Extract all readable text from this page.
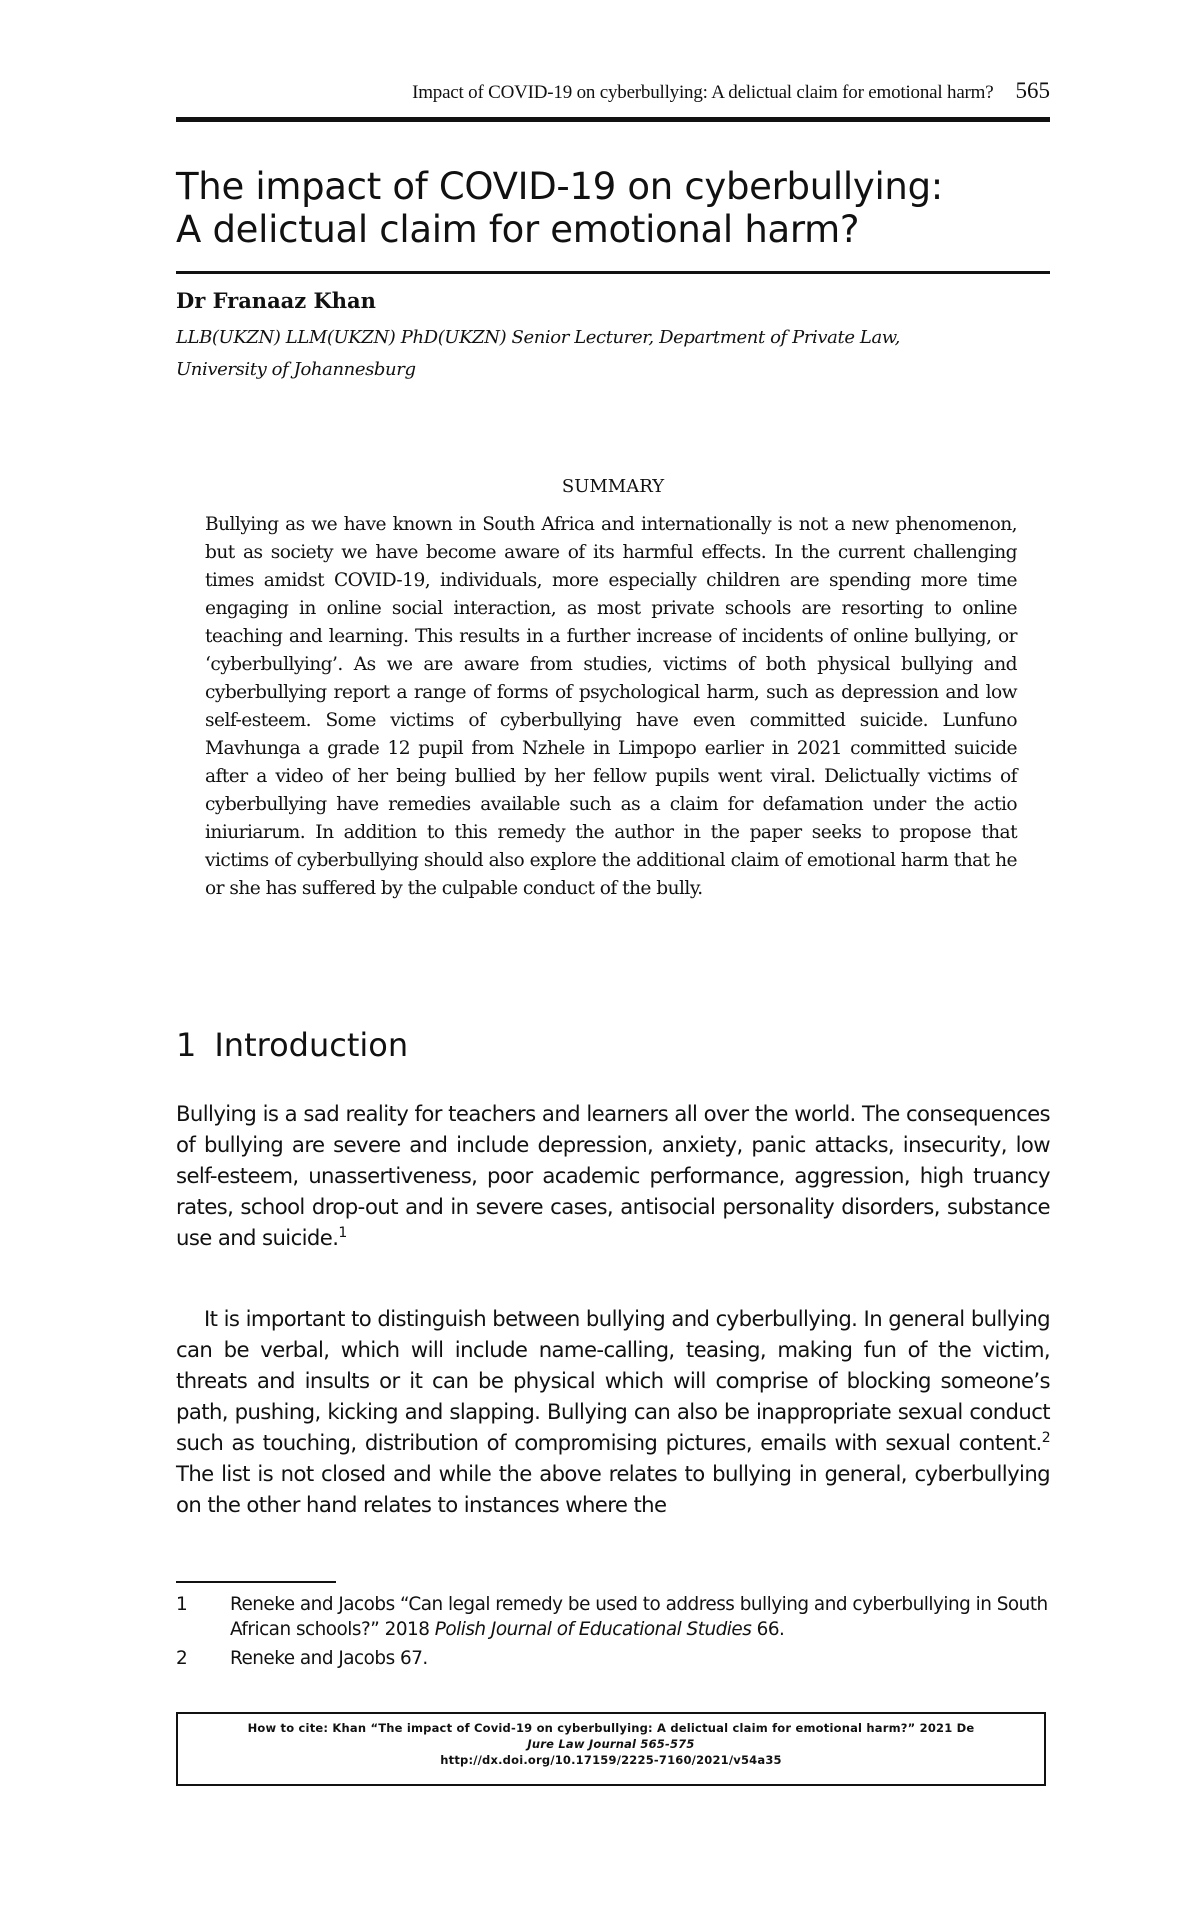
Impact of COVID-19 on cyberbullying: A delictual claim for emotional harm? 565
The impact of COVID-19 on cyberbullying:
A delictual claim for emotional harm?
Dr Franaaz Khan
LLB(UKZN) LLM(UKZN) PhD(UKZN) Senior Lecturer, Department of Private Law,
University of Johannesburg
SUMMARY

Bullying as we have known in South Africa and internationally is not a new phenomenon, but as society we have become aware of its harmful effects. In the current challenging times amidst COVID-19, individuals, more especially children are spending more time engaging in online social interaction, as most private schools are resorting to online teaching and learning. This results in a further increase of incidents of online bullying, or ‘cyberbullying’. As we are aware from studies, victims of both physical bullying and cyberbullying report a range of forms of psychological harm, such as depression and low self-esteem. Some victims of cyberbullying have even committed suicide. Lunfuno Mavhunga a grade 12 pupil from Nzhele in Limpopo earlier in 2021 committed suicide after a video of her being bullied by her fellow pupils went viral. Delictually victims of cyberbullying have remedies available such as a claim for defamation under the actio iniuriarum. In addition to this remedy the author in the paper seeks to propose that victims of cyberbullying should also explore the additional claim of emotional harm that he or she has suffered by the culpable conduct of the bully.

1 Introduction

Bullying is a sad reality for teachers and learners all over the world. The consequences of bullying are severe and include depression, anxiety, panic attacks, insecurity, low self-esteem, unassertiveness, poor academic performance, aggression, high truancy rates, school drop-out and in severe cases, antisocial personality disorders, substance use and suicide.$^1$

It is important to distinguish between bullying and cyberbullying. In general bullying can be verbal, which will include name-calling, teasing, making fun of the victim, threats and insults or it can be physical which will comprise of blocking someone’s path, pushing, kicking and slapping. Bullying can also be inappropriate sexual conduct such as touching, distribution of compromising pictures, emails with sexual content.$^2$ The list is not closed and while the above relates to bullying in general, cyberbullying on the other hand relates to instances where the

1	Reneke and Jacobs “Can legal remedy be used to address bullying and cyberbullying in South African schools?” 2018 Polish Journal of Educational Studies 66.
2	Reneke and Jacobs 67.
How to cite: Khan “The impact of Covid-19 on cyberbullying: A delictual claim for emotional harm?” 2021 De
Jure Law Journal 565-575
http://dx.doi.org/10.17159/2225-7160/2021/v54a35
